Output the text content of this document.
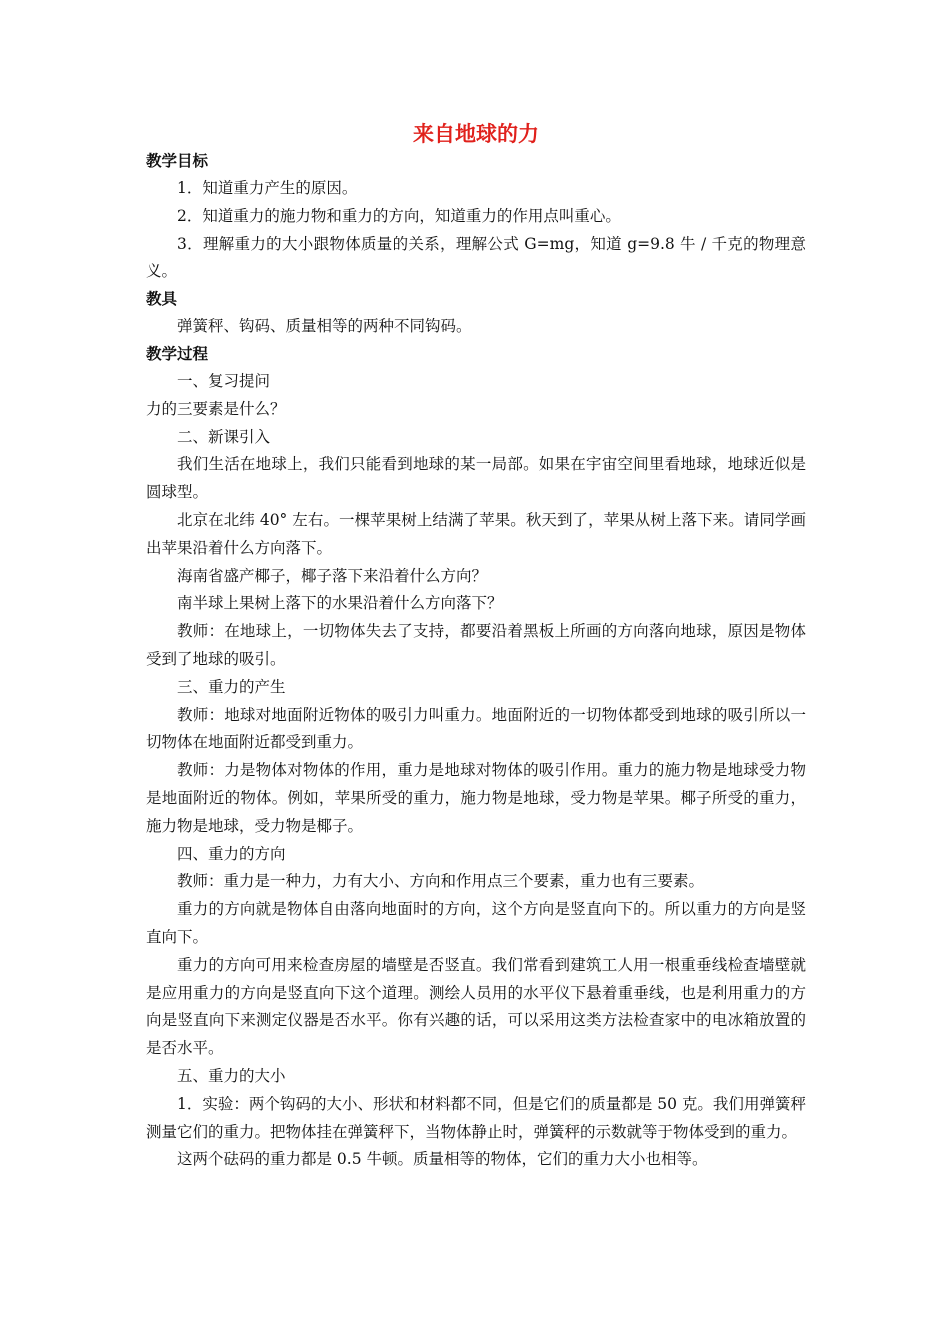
来自地球的力
教学目标
1．知道重力产生的原因。
2．知道重力的施力物和重力的方向，知道重力的作用点叫重心。
3．理解重力的大小跟物体质量的关系，理解公式 G=mg，知道 g=9.8 牛 / 千克的物理意义。
教具
弹簧秤、钩码、质量相等的两种不同钩码。
教学过程
一、复习提问
力的三要素是什么？
二、新课引入
我们生活在地球上，我们只能看到地球的某一局部。如果在宇宙空间里看地球，地球近似是圆球型。
北京在北纬 40° 左右。一棵苹果树上结满了苹果。秋天到了，苹果从树上落下来。请同学画出苹果沿着什么方向落下。
海南省盛产椰子，椰子落下来沿着什么方向？
南半球上果树上落下的水果沿着什么方向落下？
教师：在地球上，一切物体失去了支持，都要沿着黑板上所画的方向落向地球，原因是物体受到了地球的吸引。
三、重力的产生
教师：地球对地面附近物体的吸引力叫重力。地面附近的一切物体都受到地球的吸引所以一切物体在地面附近都受到重力。
教师：力是物体对物体的作用，重力是地球对物体的吸引作用。重力的施力物是地球受力物是地面附近的物体。例如，苹果所受的重力，施力物是地球，受力物是苹果。椰子所受的重力，施力物是地球，受力物是椰子。
四、重力的方向
教师：重力是一种力，力有大小、方向和作用点三个要素，重力也有三要素。
重力的方向就是物体自由落向地面时的方向，这个方向是竖直向下的。所以重力的方向是竖直向下。
重力的方向可用来检查房屋的墙壁是否竖直。我们常看到建筑工人用一根重垂线检查墙壁就是应用重力的方向是竖直向下这个道理。测绘人员用的水平仪下悬着重垂线，也是利用重力的方向是竖直向下来测定仪器是否水平。你有兴趣的话，可以采用这类方法检查家中的电冰箱放置的是否水平。
五、重力的大小
1．实验：两个钩码的大小、形状和材料都不同，但是它们的质量都是 50 克。我们用弹簧秤测量它们的重力。把物体挂在弹簧秤下，当物体静止时，弹簧秤的示数就等于物体受到的重力。
这两个砝码的重力都是 0.5 牛顿。质量相等的物体，它们的重力大小也相等。
